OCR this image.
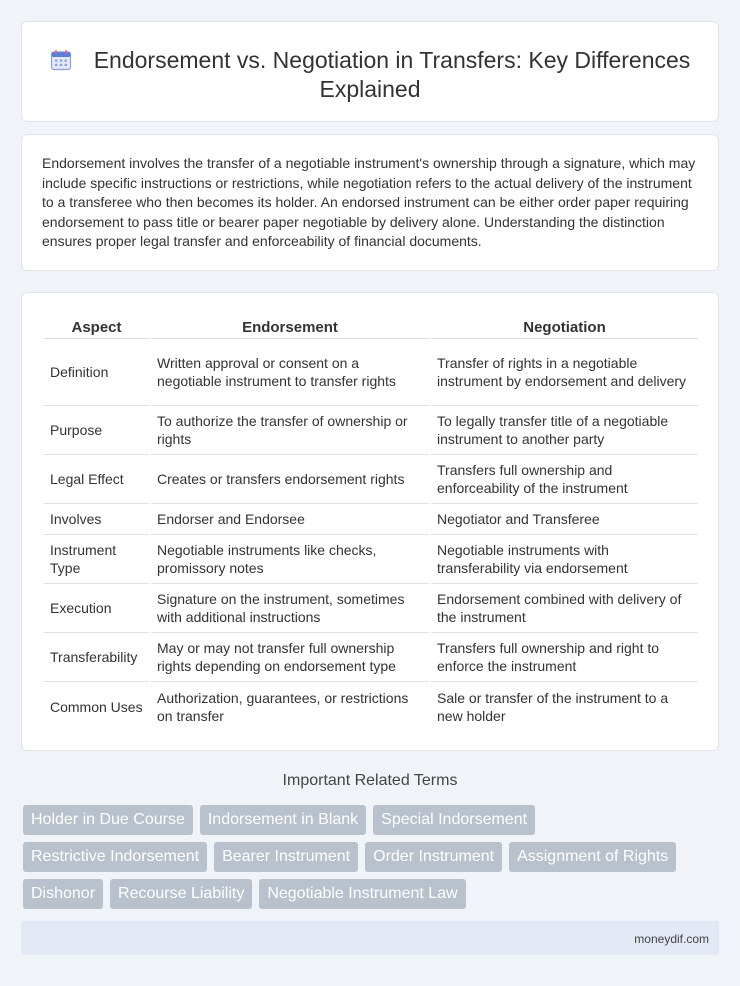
Endorsement vs. Negotiation in Transfers: Key Differences Explained

Endorsement involves the transfer of a negotiable instrument's ownership through a signature, which may include specific instructions or restrictions, while negotiation refers to the actual delivery of the instrument to a transferee who then becomes its holder. An endorsed instrument can be either order paper requiring endorsement to pass title or bearer paper negotiable by delivery alone. Understanding the distinction ensures proper legal transfer and enforceability of financial documents.

Aspect	Endorsement	Negotiation
Definition	Written approval or consent on a negotiable instrument to transfer rights	Transfer of rights in a negotiable instrument by endorsement and delivery
Purpose	To authorize the transfer of ownership or rights	To legally transfer title of a negotiable instrument to another party
Legal Effect	Creates or transfers endorsement rights	Transfers full ownership and enforceability of the instrument
Involves	Endorser and Endorsee	Negotiator and Transferee
Instrument Type	Negotiable instruments like checks, promissory notes	Negotiable instruments with transferability via endorsement
Execution	Signature on the instrument, sometimes with additional instructions	Endorsement combined with delivery of the instrument
Transferability	May or may not transfer full ownership rights depending on endorsement type	Transfers full ownership and right to enforce the instrument
Common Uses	Authorization, guarantees, or restrictions on transfer	Sale or transfer of the instrument to a new holder
Important Related Terms
Holder in Due Course Indorsement in Blank Special Indorsement
Restrictive Indorsement Bearer Instrument Order Instrument Assignment of Rights
Dishonor Recourse Liability Negotiable Instrument Law
moneydif.com
